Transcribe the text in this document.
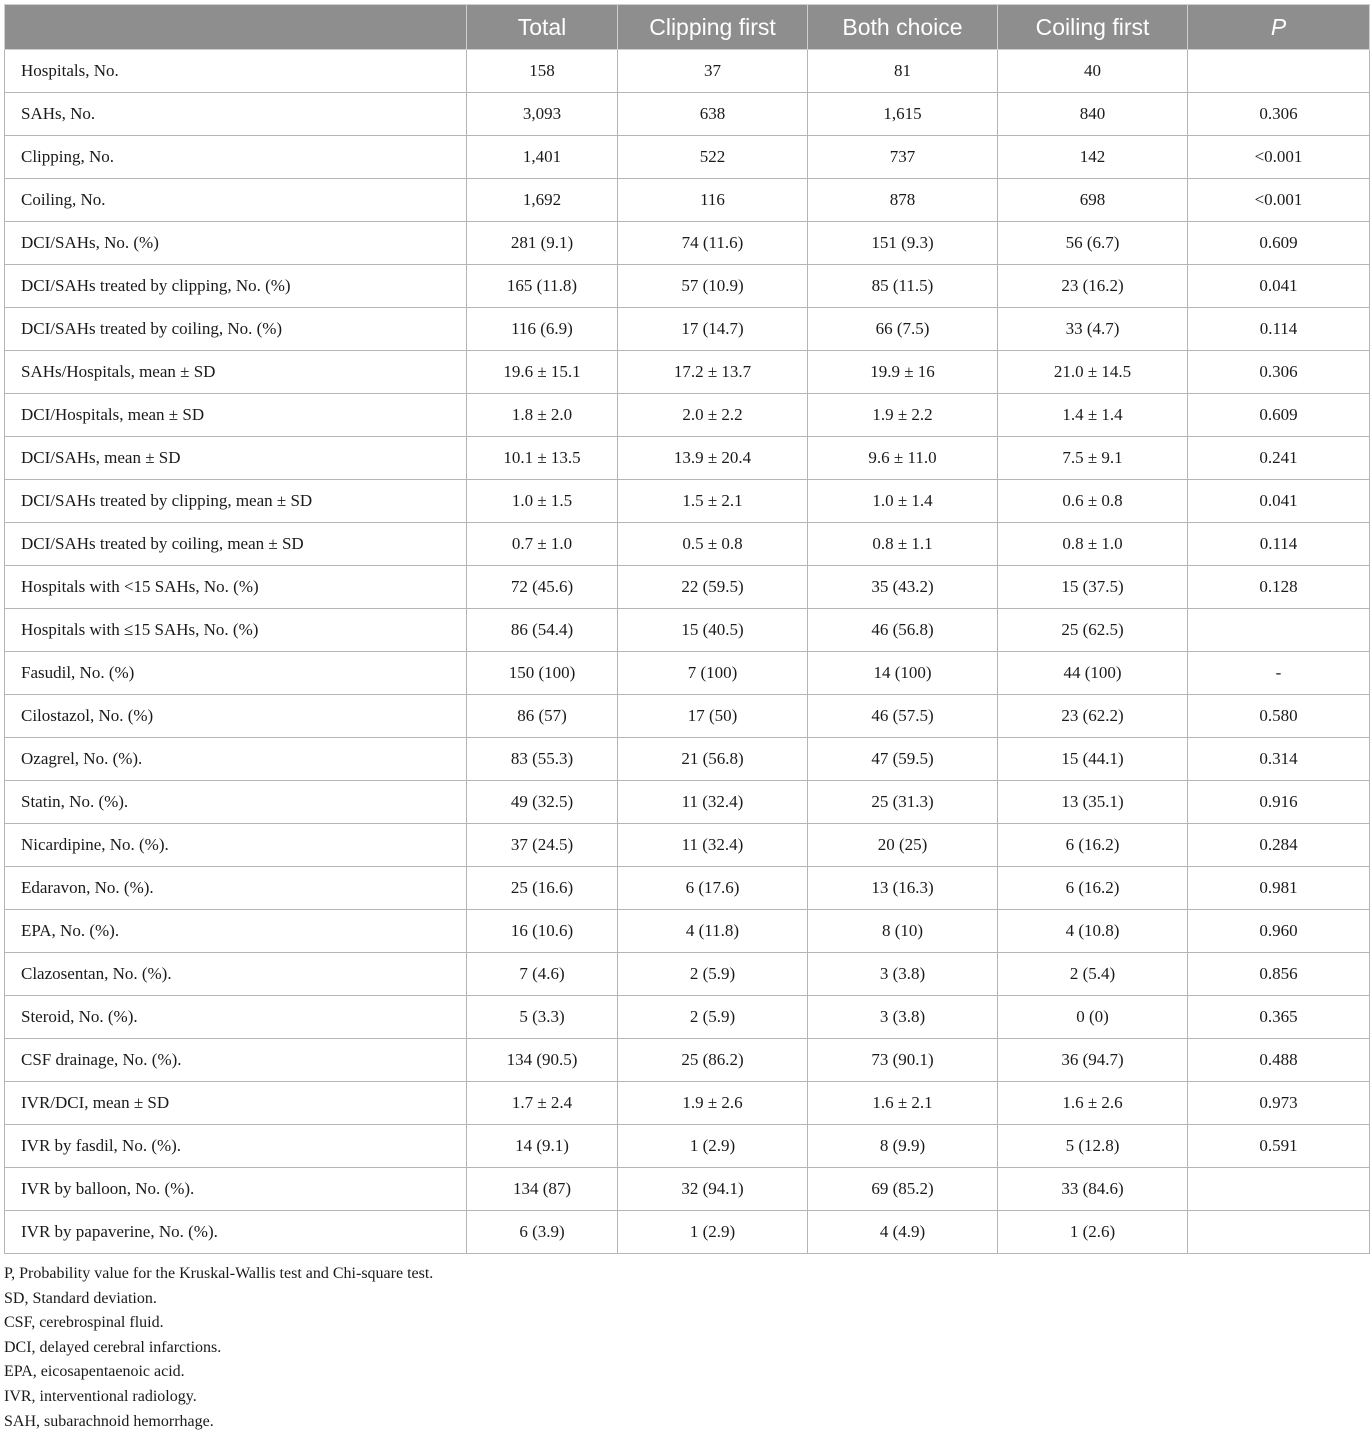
	Total	Clipping first	Both choice	Coiling first	P
Hospitals, No.	158	37	81	40	
SAHs, No.	3,093	638	1,615	840	0.306
Clipping, No.	1,401	522	737	142	<0.001
Coiling, No.	1,692	116	878	698	<0.001
DCI/SAHs, No. (%)	281 (9.1)	74 (11.6)	151 (9.3)	56 (6.7)	0.609
DCI/SAHs treated by clipping, No. (%)	165 (11.8)	57 (10.9)	85 (11.5)	23 (16.2)	0.041
DCI/SAHs treated by coiling, No. (%)	116 (6.9)	17 (14.7)	66 (7.5)	33 (4.7)	0.114
SAHs/Hospitals, mean ± SD	19.6 ± 15.1	17.2 ± 13.7	19.9 ± 16	21.0 ± 14.5	0.306
DCI/Hospitals, mean ± SD	1.8 ± 2.0	2.0 ± 2.2	1.9 ± 2.2	1.4 ± 1.4	0.609
DCI/SAHs, mean ± SD	10.1 ± 13.5	13.9 ± 20.4	9.6 ± 11.0	7.5 ± 9.1	0.241
DCI/SAHs treated by clipping, mean ± SD	1.0 ± 1.5	1.5 ± 2.1	1.0 ± 1.4	0.6 ± 0.8	0.041
DCI/SAHs treated by coiling, mean ± SD	0.7 ± 1.0	0.5 ± 0.8	0.8 ± 1.1	0.8 ± 1.0	0.114
Hospitals with <15 SAHs, No. (%)	72 (45.6)	22 (59.5)	35 (43.2)	15 (37.5)	0.128
Hospitals with ≤15 SAHs, No. (%)	86 (54.4)	15 (40.5)	46 (56.8)	25 (62.5)	
Fasudil, No. (%)	150 (100)	7 (100)	14 (100)	44 (100)	-
Cilostazol, No. (%)	86 (57)	17 (50)	46 (57.5)	23 (62.2)	0.580
Ozagrel, No. (%).	83 (55.3)	21 (56.8)	47 (59.5)	15 (44.1)	0.314
Statin, No. (%).	49 (32.5)	11 (32.4)	25 (31.3)	13 (35.1)	0.916
Nicardipine, No. (%).	37 (24.5)	11 (32.4)	20 (25)	6 (16.2)	0.284
Edaravon, No. (%).	25 (16.6)	6 (17.6)	13 (16.3)	6 (16.2)	0.981
EPA, No. (%).	16 (10.6)	4 (11.8)	8 (10)	4 (10.8)	0.960
Clazosentan, No. (%).	7 (4.6)	2 (5.9)	3 (3.8)	2 (5.4)	0.856
Steroid, No. (%).	5 (3.3)	2 (5.9)	3 (3.8)	0 (0)	0.365
CSF drainage, No. (%).	134 (90.5)	25 (86.2)	73 (90.1)	36 (94.7)	0.488
IVR/DCI, mean ± SD	1.7 ± 2.4	1.9 ± 2.6	1.6 ± 2.1	1.6 ± 2.6	0.973
IVR by fasdil, No. (%).	14 (9.1)	1 (2.9)	8 (9.9)	5 (12.8)	0.591
IVR by balloon, No. (%).	134 (87)	32 (94.1)	69 (85.2)	33 (84.6)	
IVR by papaverine, No. (%).	6 (3.9)	1 (2.9)	4 (4.9)	1 (2.6)	
P, Probability value for the Kruskal-Wallis test and Chi-square test.
SD, Standard deviation.
CSF, cerebrospinal fluid.
DCI, delayed cerebral infarctions.
EPA, eicosapentaenoic acid.
IVR, interventional radiology.
SAH, subarachnoid hemorrhage.
